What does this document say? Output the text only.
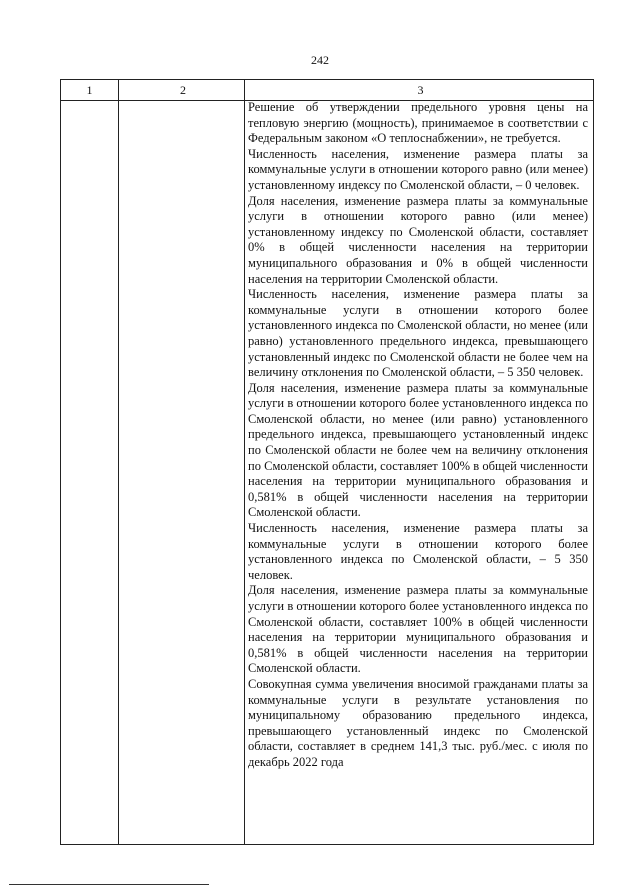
242
1	2	3

Решение об утверждении предельного уровня цены на тепловую энергию (мощность), принимаемое в соответствии с Федеральным законом «О теплоснабжении», не требуется.

Численность населения, изменение размера платы за коммунальные услуги в отношении которого равно (или менее) установленному индексу по Смоленской области, – 0 человек.

Доля населения, изменение размера платы за коммунальные услуги в отношении которого равно (или менее) установленному индексу по Смоленской области, составляет 0% в общей численности населения на территории муниципального образования и 0% в общей численности населения на территории Смоленской области.

Численность населения, изменение размера платы за коммунальные услуги в отношении которого более установленного индекса по Смоленской области, но менее (или равно) установленного предельного индекса, превышающего установленный индекс по Смоленской области не более чем на величину отклонения по Смоленской области, – 5 350 человек.

Доля населения, изменение размера платы за коммунальные услуги в отношении которого более установленного индекса по Смоленской области, но менее (или равно) установленного предельного индекса, превышающего установленный индекс по Смоленской области не более чем на величину отклонения по Смоленской области, составляет 100% в общей численности населения на территории муниципального образования и 0,581% в общей численности населения на территории Смоленской области.

Численность населения, изменение размера платы за коммунальные услуги в отношении которого более установленного индекса по Смоленской области, – 5 350 человек.

Доля населения, изменение размера платы за коммунальные услуги в отношении которого более установленного индекса по Смоленской области, составляет 100% в общей численности населения на территории муниципального образования и 0,581% в общей численности населения на территории Смоленской области.

Совокупная сумма увеличения вносимой гражданами платы за коммунальные услуги в результате установления по муниципальному образованию предельного индекса, превышающего установленный индекс по Смоленской области, составляет в среднем 141,3 тыс. руб./мес. с июля по декабрь 2022 года
